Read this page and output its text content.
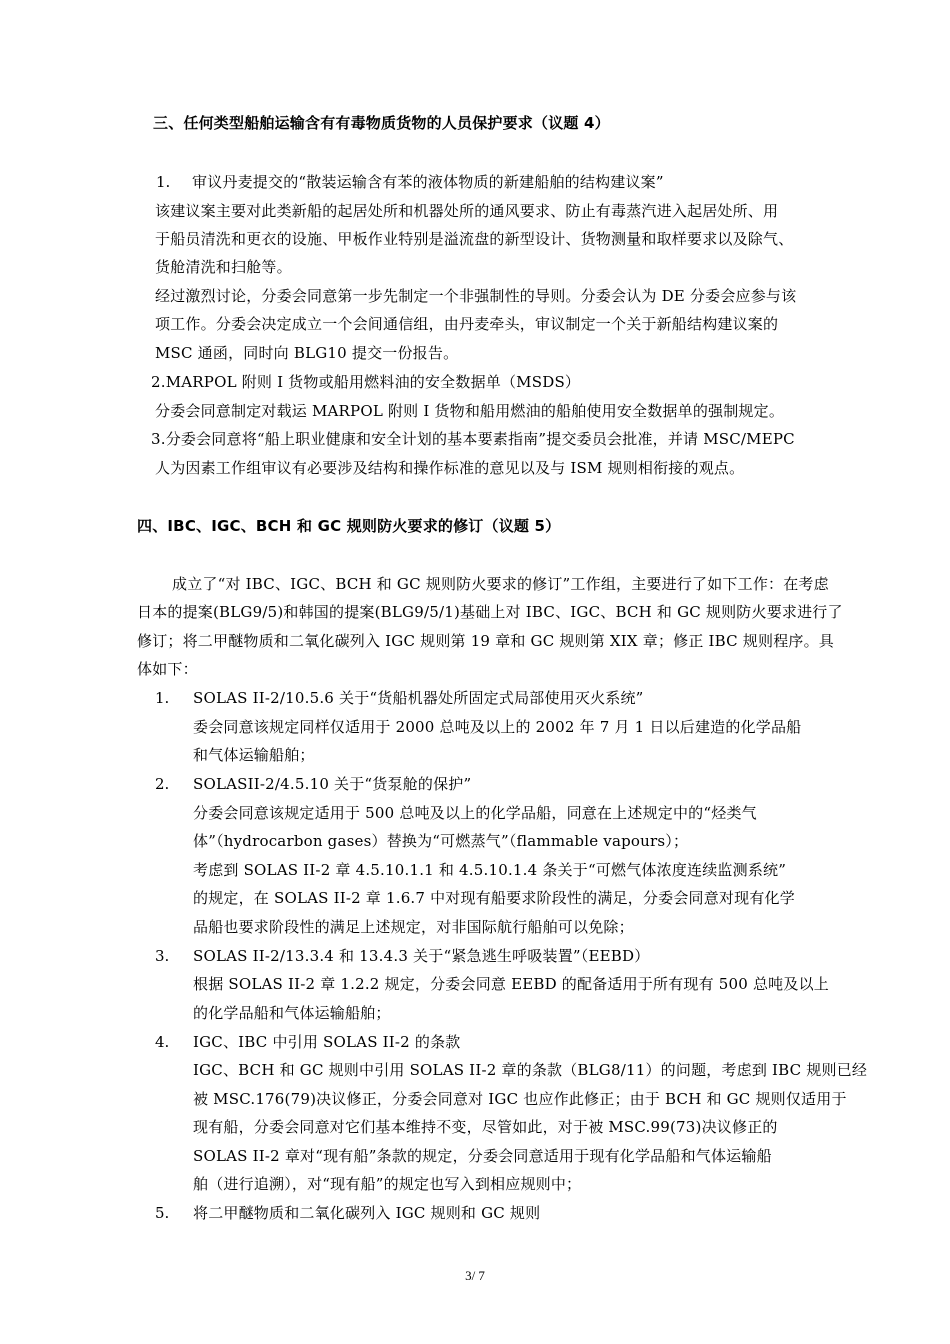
三、任何类型船舶运输含有有毒物质货物的人员保护要求（议题 4）
1. 审议丹麦提交的“散装运输含有苯的液体物质的新建船舶的结构建议案”
该建议案主要对此类新船的起居处所和机器处所的通风要求、防止有毒蒸汽进入起居处所、用
于船员清洗和更衣的设施、甲板作业特别是溢流盘的新型设计、货物测量和取样要求以及除气、
货舱清洗和扫舱等。
经过激烈讨论，分委会同意第一步先制定一个非强制性的导则。分委会认为 DE 分委会应参与该
项工作。分委会决定成立一个会间通信组，由丹麦牵头，审议制定一个关于新船结构建议案的
MSC 通函，同时向 BLG10 提交一份报告。
2.MARPOL 附则 I 货物或船用燃料油的安全数据单（MSDS）
分委会同意制定对载运 MARPOL 附则 I 货物和船用燃油的船舶使用安全数据单的强制规定。
3.分委会同意将“船上职业健康和安全计划的基本要素指南”提交委员会批准，并请 MSC/MEPC
人为因素工作组审议有必要涉及结构和操作标准的意见以及与 ISM 规则相衔接的观点。
四、IBC、IGC、BCH 和 GC 规则防火要求的修订（议题 5）
成立了“对 IBC、IGC、BCH 和 GC 规则防火要求的修订”工作组，主要进行了如下工作：在考虑
日本的提案(BLG9/5)和韩国的提案(BLG9/5/1)基础上对 IBC、IGC、BCH 和 GC 规则防火要求进行了
修订；将二甲醚物质和二氧化碳列入 IGC 规则第 19 章和 GC 规则第 XIX 章；修正 IBC 规则程序。具
体如下：
1. SOLAS II-2/10.5.6 关于“货船机器处所固定式局部使用灭火系统”
委会同意该规定同样仅适用于 2000 总吨及以上的 2002 年 7 月 1 日以后建造的化学品船
和气体运输船舶；
2. SOLASII-2/4.5.10 关于“货泵舱的保护”
分委会同意该规定适用于 500 总吨及以上的化学品船，同意在上述规定中的“烃类气
体”（hydrocarbon gases）替换为“可燃蒸气”（flammable vapours）；
考虑到 SOLAS II-2 章 4.5.10.1.1 和 4.5.10.1.4 条关于“可燃气体浓度连续监测系统”
的规定，在 SOLAS II-2 章 1.6.7 中对现有船要求阶段性的满足，分委会同意对现有化学
品船也要求阶段性的满足上述规定，对非国际航行船舶可以免除；
3. SOLAS II-2/13.3.4 和 13.4.3 关于“紧急逃生呼吸装置”（EEBD）
根据 SOLAS II-2 章 1.2.2 规定，分委会同意 EEBD 的配备适用于所有现有 500 总吨及以上
的化学品船和气体运输船舶；
4. IGC、IBC 中引用 SOLAS II-2 的条款
IGC、BCH 和 GC 规则中引用 SOLAS II-2 章的条款（BLG8/11）的问题，考虑到 IBC 规则已经
被 MSC.176(79)决议修正，分委会同意对 IGC 也应作此修正；由于 BCH 和 GC 规则仅适用于
现有船，分委会同意对它们基本维持不变，尽管如此，对于被 MSC.99(73)决议修正的
SOLAS II-2 章对“现有船”条款的规定，分委会同意适用于现有化学品船和气体运输船
舶（进行追溯），对“现有船”的规定也写入到相应规则中；
5. 将二甲醚物质和二氧化碳列入 IGC 规则和 GC 规则
3/ 7
